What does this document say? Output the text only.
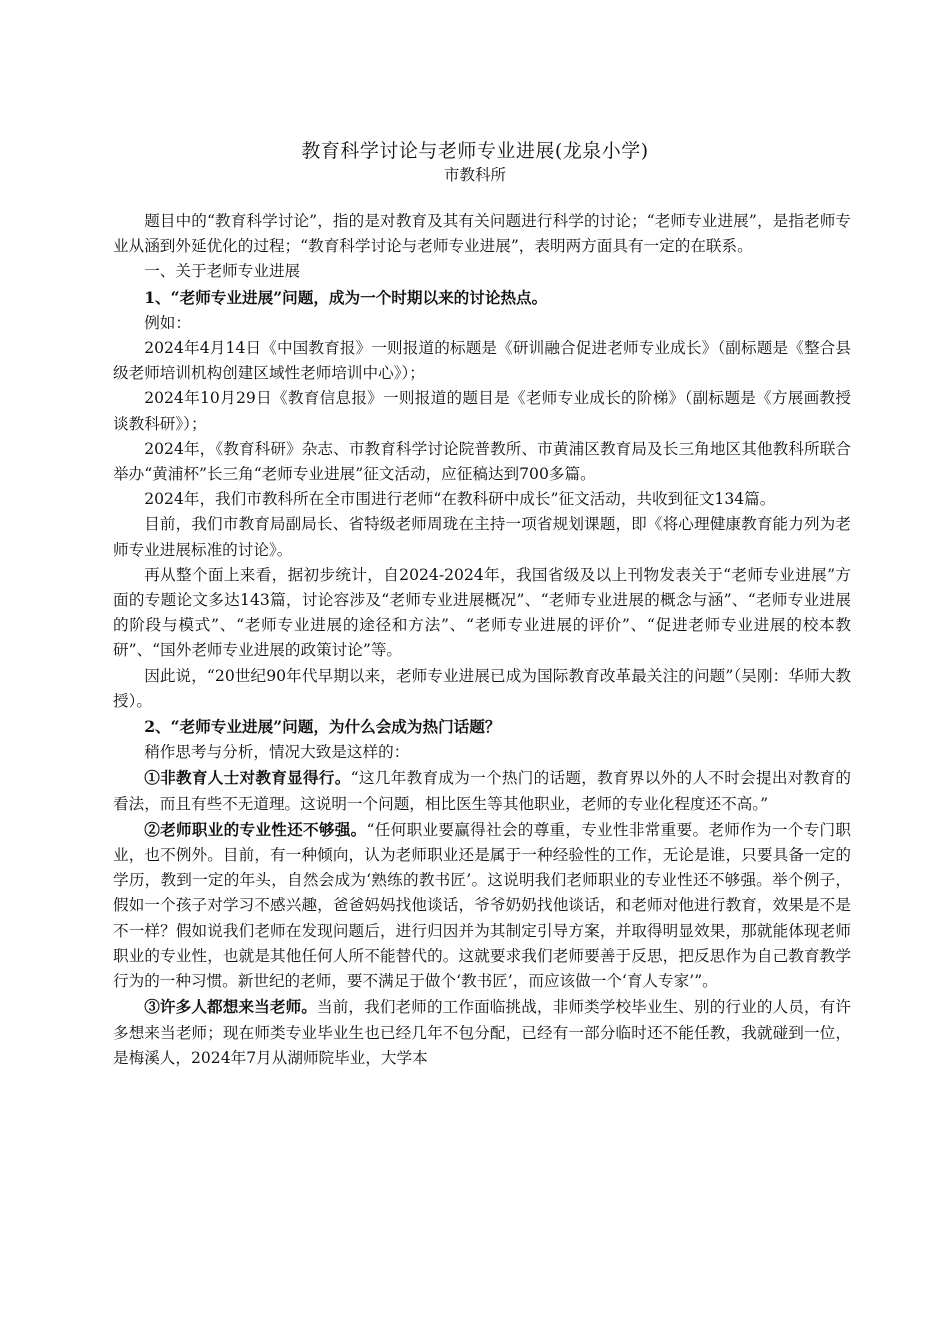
教育科学讨论与老师专业进展(龙泉小学)
市教科所

题目中的“教育科学讨论”，指的是对教育及其有关问题进行科学的讨论；“老师专业进展”，是指老师专业从涵到外延优化的过程；“教育科学讨论与老师专业进展”，表明两方面具有一定的在联系。

一、关于老师专业进展

1、“老师专业进展”问题，成为一个时期以来的讨论热点。

例如：

2024年4月14日《中国教育报》一则报道的标题是《研训融合促进老师专业成长》（副标题是《整合县级老师培训机构创建区域性老师培训中心》）；

2024年10月29日《教育信息报》一则报道的题目是《老师专业成长的阶梯》（副标题是《方展画教授谈教科研》）；

2024年，《教育科研》杂志、市教育科学讨论院普教所、市黄浦区教育局及长三角地区其他教科所联合举办“黄浦杯”长三角“老师专业进展”征文活动，应征稿达到700多篇。

2024年，我们市教科所在全市围进行老师“在教科研中成长”征文活动，共收到征文134篇。

目前，我们市教育局副局长、省特级老师周珑在主持一项省规划课题，即《将心理健康教育能力列为老师专业进展标准的讨论》。

再从整个面上来看，据初步统计，自2024-2024年，我国省级及以上刊物发表关于“老师专业进展”方面的专题论文多达143篇，讨论容涉及“老师专业进展概况”、“老师专业进展的概念与涵”、“老师专业进展的阶段与模式”、“老师专业进展的途径和方法”、“老师专业进展的评价”、“促进老师专业进展的校本教研”、“国外老师专业进展的政策讨论”等。

因此说，“20世纪90年代早期以来，老师专业进展已成为国际教育改革最关注的问题”（吴刚：华师大教授）。

2、“老师专业进展”问题，为什么会成为热门话题？

稍作思考与分析，情况大致是这样的：

①非教育人士对教育显得行。“这几年教育成为一个热门的话题，教育界以外的人不时会提出对教育的看法，而且有些不无道理。这说明一个问题，相比医生等其他职业，老师的专业化程度还不高。”

②老师职业的专业性还不够强。“任何职业要赢得社会的尊重，专业性非常重要。老师作为一个专门职业，也不例外。目前，有一种倾向，认为老师职业还是属于一种经验性的工作，无论是谁，只要具备一定的学历，教到一定的年头，自然会成为‘熟练的教书匠’。这说明我们老师职业的专业性还不够强。举个例子，假如一个孩子对学习不感兴趣，爸爸妈妈找他谈话，爷爷奶奶找他谈话，和老师对他进行教育，效果是不是不一样？假如说我们老师在发现问题后，进行归因并为其制定引导方案，并取得明显效果，那就能体现老师职业的专业性，也就是其他任何人所不能替代的。这就要求我们老师要善于反思，把反思作为自己教育教学行为的一种习惯。新世纪的老师，要不满足于做个‘教书匠’，而应该做一个‘育人专家’”。

③许多人都想来当老师。当前，我们老师的工作面临挑战，非师类学校毕业生、别的行业的人员，有许多想来当老师；现在师类专业毕业生也已经几年不包分配，已经有一部分临时还不能任教，我就碰到一位，是梅溪人，2024年7月从湖师院毕业，大学本
